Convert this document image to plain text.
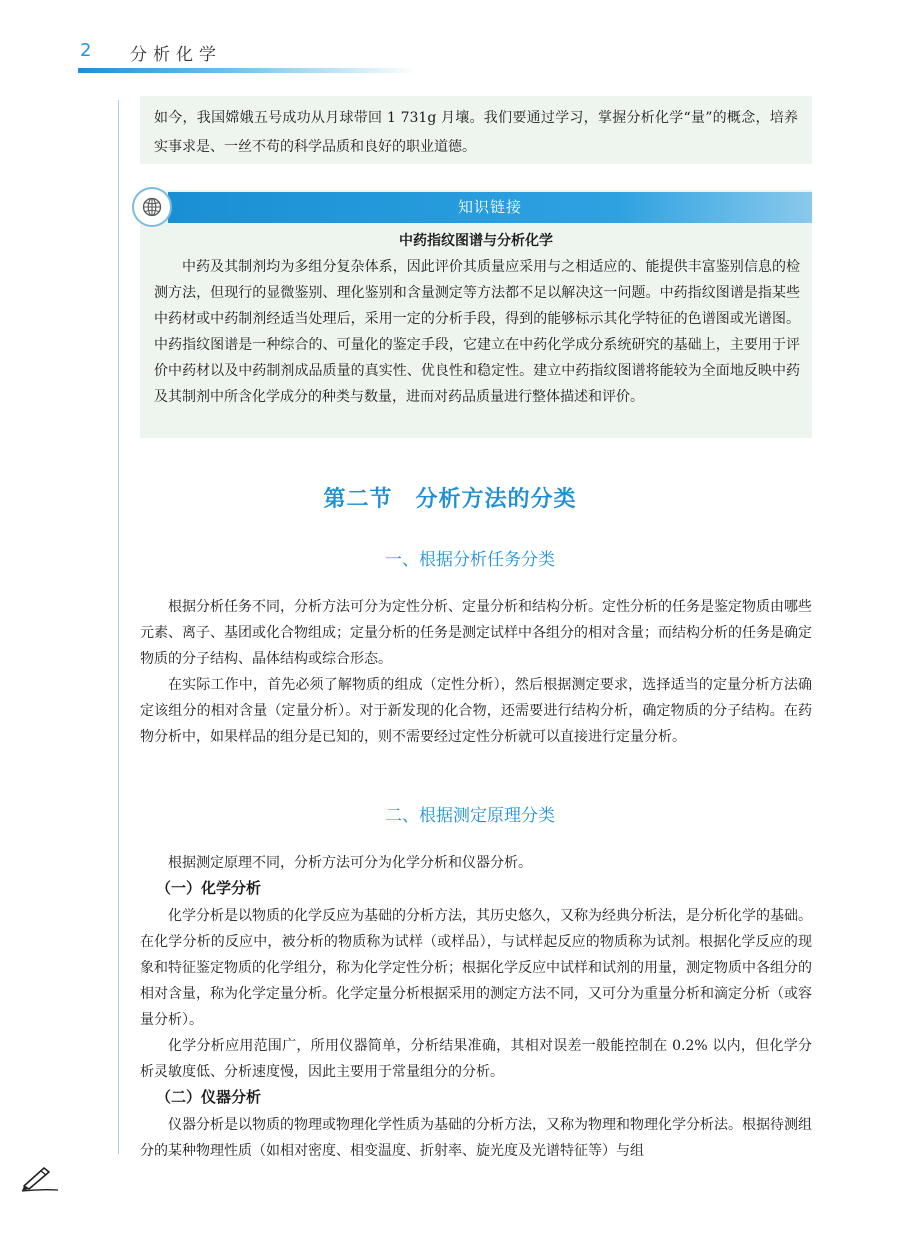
2 分析化学

如今，我国嫦娥五号成功从月球带回 1 731g 月壤。我们要通过学习，掌握分析化学“量”的概念，培养实事求是、一丝不苟的科学品质和良好的职业道德。

知识链接
中药指纹图谱与分析化学

中药及其制剂均为多组分复杂体系，因此评价其质量应采用与之相适应的、能提供丰富鉴别信息的检测方法，但现行的显微鉴别、理化鉴别和含量测定等方法都不足以解决这一问题。中药指纹图谱是指某些中药材或中药制剂经适当处理后，采用一定的分析手段，得到的能够标示其化学特征的色谱图或光谱图。中药指纹图谱是一种综合的、可量化的鉴定手段，它建立在中药化学成分系统研究的基础上，主要用于评价中药材以及中药制剂成品质量的真实性、优良性和稳定性。建立中药指纹图谱将能较为全面地反映中药及其制剂中所含化学成分的种类与数量，进而对药品质量进行整体描述和评价。

第二节　分析方法的分类
一、根据分析任务分类

根据分析任务不同，分析方法可分为定性分析、定量分析和结构分析。定性分析的任务是鉴定物质由哪些元素、离子、基团或化合物组成；定量分析的任务是测定试样中各组分的相对含量；而结构分析的任务是确定物质的分子结构、晶体结构或综合形态。

在实际工作中，首先必须了解物质的组成（定性分析），然后根据测定要求，选择适当的定量分析方法确定该组分的相对含量（定量分析）。对于新发现的化合物，还需要进行结构分析，确定物质的分子结构。在药物分析中，如果样品的组分是已知的，则不需要经过定性分析就可以直接进行定量分析。

二、根据测定原理分类

根据测定原理不同，分析方法可分为化学分析和仪器分析。

（一）化学分析

化学分析是以物质的化学反应为基础的分析方法，其历史悠久，又称为经典分析法，是分析化学的基础。在化学分析的反应中，被分析的物质称为试样（或样品），与试样起反应的物质称为试剂。根据化学反应的现象和特征鉴定物质的化学组分，称为化学定性分析；根据化学反应中试样和试剂的用量，测定物质中各组分的相对含量，称为化学定量分析。化学定量分析根据采用的测定方法不同，又可分为重量分析和滴定分析（或容量分析）。

化学分析应用范围广，所用仪器简单，分析结果准确，其相对误差一般能控制在 0.2% 以内，但化学分析灵敏度低、分析速度慢，因此主要用于常量组分的分析。

（二）仪器分析

仪器分析是以物质的物理或物理化学性质为基础的分析方法，又称为物理和物理化学分析法。根据待测组分的某种物理性质（如相对密度、相变温度、折射率、旋光度及光谱特征等）与组
